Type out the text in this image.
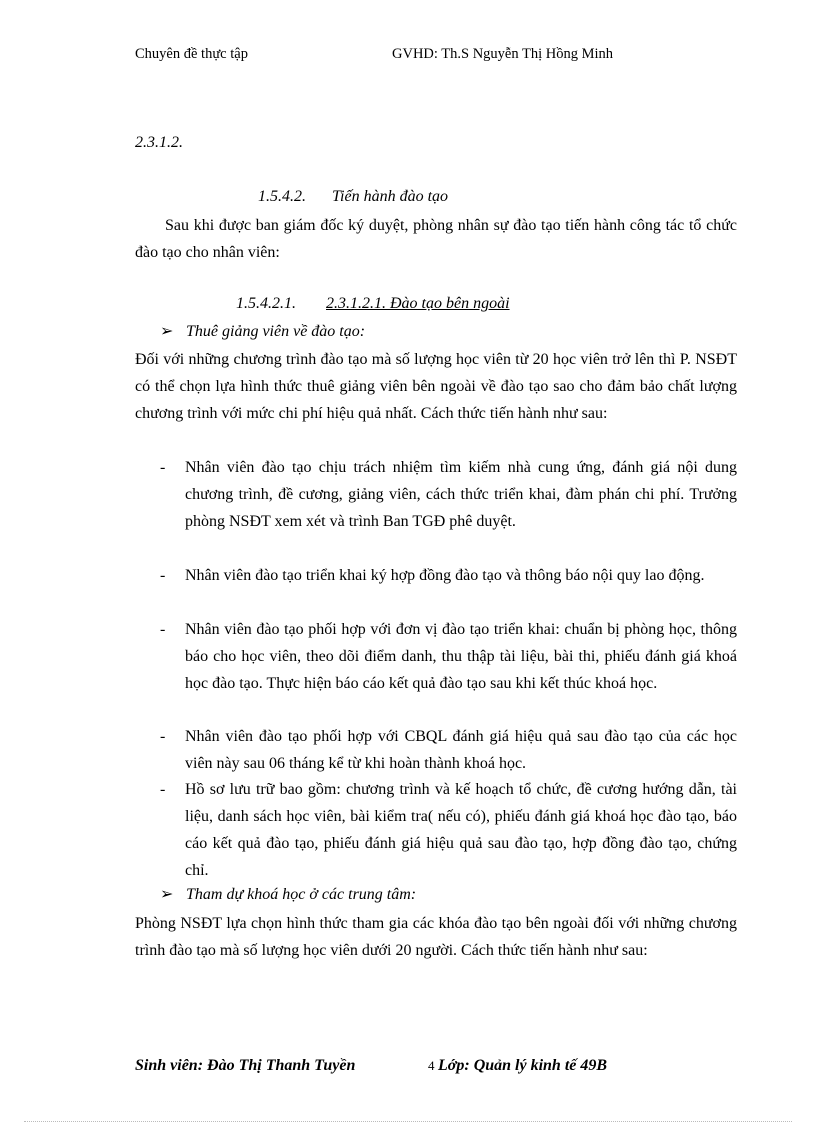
Chuyên đề thực tập	GVHD: Th.S Nguyễn Thị Hồng Minh
2.3.1.2.
1.5.4.2. Tiến hành đào tạo
Sau khi được ban giám đốc ký duyệt, phòng nhân sự đào tạo tiến hành công tác tổ chức đào tạo cho nhân viên:
1.5.4.2.1. 2.3.1.2.1. Đào tạo bên ngoài
➢ Thuê giảng viên về đào tạo:
Đối với những chương trình đào tạo mà số lượng học viên từ 20 học viên trở lên thì P. NSĐT có thể chọn lựa hình thức thuê giảng viên bên ngoài về đào tạo sao cho đảm bảo chất lượng chương trình với mức chi phí hiệu quả nhất. Cách thức tiến hành như sau:
-	Nhân viên đào tạo chịu trách nhiệm tìm kiếm nhà cung ứng, đánh giá nội dung chương trình, đề cương, giảng viên, cách thức triển khai, đàm phán chi phí. Trưởng phòng NSĐT xem xét và trình Ban TGĐ phê duyệt.
-	Nhân viên đào tạo triển khai ký hợp đồng đào tạo và thông báo nội quy lao động.
-	Nhân viên đào tạo phối hợp với đơn vị đào tạo triển khai: chuẩn bị phòng học, thông báo cho học viên, theo dõi điểm danh, thu thập tài liệu, bài thi, phiếu đánh giá khoá học đào tạo. Thực hiện báo cáo kết quả đào tạo sau khi kết thúc khoá học.
-	Nhân viên đào tạo phối hợp với CBQL đánh giá hiệu quả sau đào tạo của các học viên này sau 06 tháng kể từ khi hoàn thành khoá học.
-	Hồ sơ lưu trữ bao gồm: chương trình và kế hoạch tổ chức, đề cương hướng dẫn, tài liệu, danh sách học viên, bài kiểm tra( nếu có), phiếu đánh giá khoá học đào tạo, báo cáo kết quả đào tạo, phiếu đánh giá hiệu quả sau đào tạo, hợp đồng đào tạo, chứng chỉ.
➢ Tham dự khoá học ở các trung tâm:
Phòng NSĐT lựa chọn hình thức tham gia các khóa đào tạo bên ngoài đối với những chương trình đào tạo mà số lượng học viên dưới 20 người. Cách thức tiến hành như sau:
Sinh viên: Đào Thị Thanh Tuyền	4 Lớp: Quản lý kinh tế 49B
